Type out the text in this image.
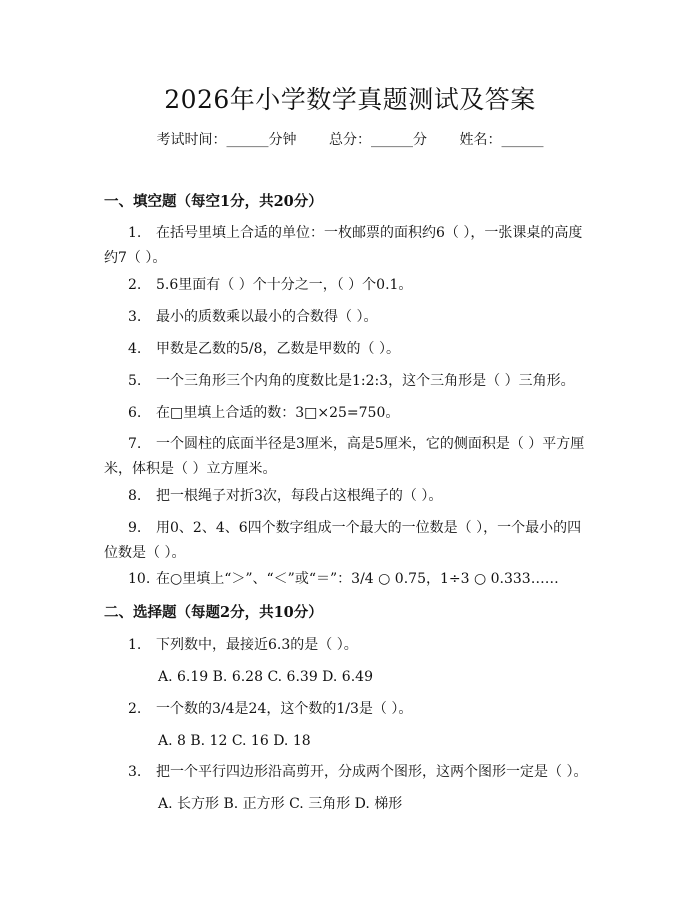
2026年小学数学真题测试及答案
考试时间：______分钟 总分：______分 姓名：______
一、填空题（每空1分，共20分）
1. 在括号里填上合适的单位：一枚邮票的面积约6（ ），一张课桌的高度约7（ ）。
2. 5.6里面有（ ）个十分之一，（ ）个0.1。
3. 最小的质数乘以最小的合数得（ ）。
4. 甲数是乙数的5/8，乙数是甲数的（ ）。
5. 一个三角形三个内角的度数比是1:2:3，这个三角形是（ ）三角形。
6. 在□里填上合适的数：3□×25=750。
7. 一个圆柱的底面半径是3厘米，高是5厘米，它的侧面积是（ ）平方厘米，体积是（ ）立方厘米。
8. 把一根绳子对折3次，每段占这根绳子的（ ）。
9. 用0、2、4、6四个数字组成一个最大的一位数是（ ），一个最小的四位数是（ ）。
10. 在○里填上“＞”、“＜”或“＝”：3/4 ○ 0.75，1÷3 ○ 0.333……
二、选择题（每题2分，共10分）
1. 下列数中，最接近6.3的是（ ）。
A. 6.19 B. 6.28 C. 6.39 D. 6.49
2. 一个数的3/4是24，这个数的1/3是（ ）。
A. 8 B. 12 C. 16 D. 18
3. 把一个平行四边形沿高剪开，分成两个图形，这两个图形一定是（ ）。
A. 长方形 B. 正方形 C. 三角形 D. 梯形
